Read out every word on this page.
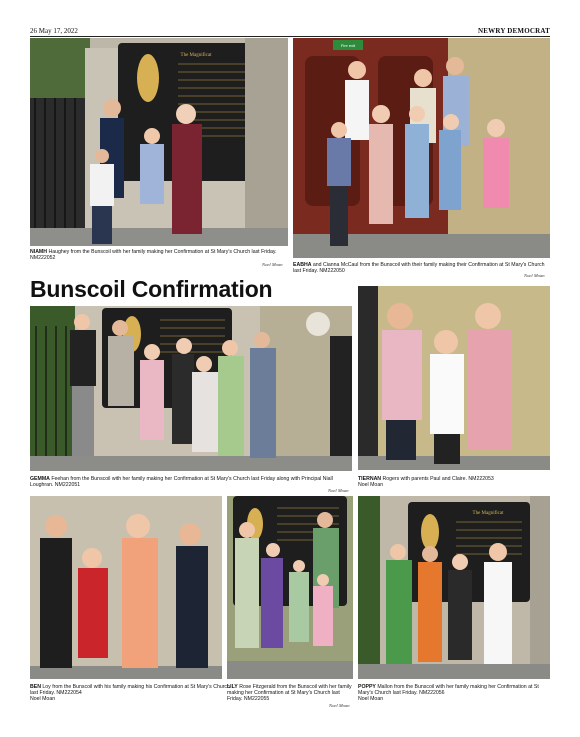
26 May 17, 2022	NEWRY DEMOCRAT
The Magnificat
NIAMH Haughey from the Bunscoil with her family making her Confirmation at St Mary's Church last Friday. NM222052
Noel Moan
Fire exit
EABHA and Cianna McCaul from the Bunscoil with their family making their Confirmation at St Mary's Church last Friday. NM222050
Noel Moan
Bunscoil Confirmation
GEMMA Feehan from the Bunscoil with her family making her Confirmation at St Mary's Church last Friday along with Principal Niall Loughran. NM222051
Noel Moan
TIERNAN Rogers with parents Paul and Claire. NM222053
Noel Moan
BEN Loy from the Bunscoil with his family making his Confirmation at St Mary's Church last Friday. NM222054
Noel Moan
LILY Rose Fitzgerald from the Bunscoil with her family making her Confirmation at St Mary's Church last Friday. NM222055
Noel Moan
The Magnificat
POPPY Mallon from the Bunscoil with her family making her Confirmation at St Mary's Church last Friday. NM222056
Noel Moan
